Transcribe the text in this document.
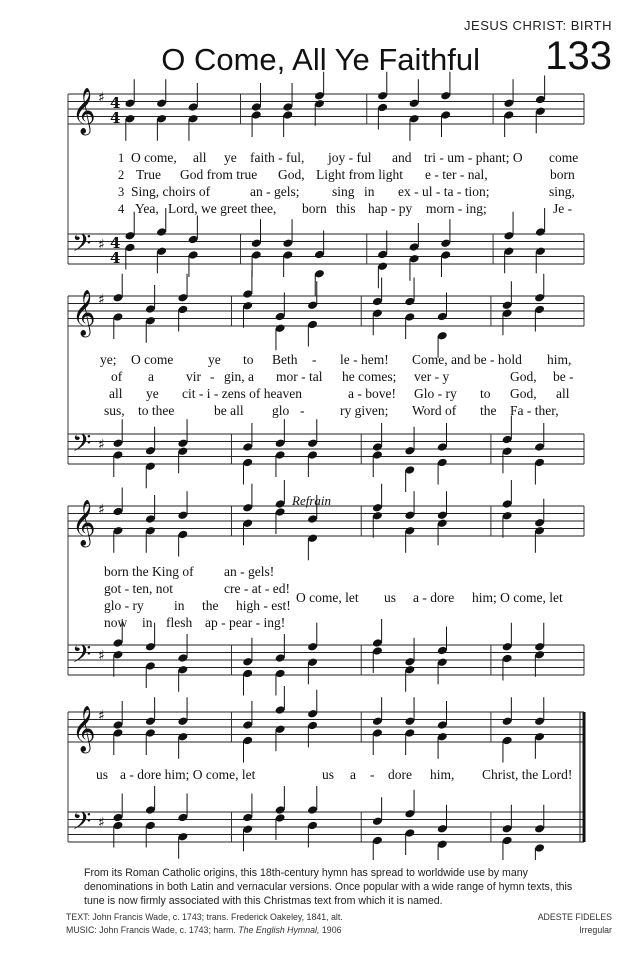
JESUS CHRIST: BIRTH
O Come, All Ye Faithful 133
𝄞 ♯ 4
4
𝄢 ♯ 4
4
𝄞 ♯
𝄢 ♯
𝄞 ♯
𝄢 ♯
𝄞 ♯
𝄢 ♯
Refrain
1
2
3
4
O come, all ye faith - ful, joy - ful and tri - um - phant; O come
True God from true God, Light from light e - ter - nal,	born
Sing, choirs of	an - gels; sing in ex - ul - ta - tion;	sing,
Yea, Lord, we greet thee, born this hap - py morn - ing;	Je -
ye; O come	ye to Beth - le - hem! Come, and be - hold him,
of a vir - gin, a mor - tal he comes; ver - y	God, be -
all ye cit - i - zens of heaven	a - bove! Glo - ry to God, all
sus, to thee	be all glo -	ry given; Word of the Fa - ther,
born the King of an - gels!
got - ten, not	cre - at - ed!
glo - ry in the high - est!
now in flesh ap - pear - ing!
O come, let us a - dore him; O come, let
us a - dore him; O come, let	us a - dore him, Christ, the Lord!
From its Roman Catholic origins, this 18th-century hymn has spread to worldwide use by many denominations in both Latin and vernacular versions. Once popular with a wide range of hymn texts, this tune is now firmly associated with this Christmas text from which it is named.
TEXT: John Francis Wade, c. 1743; trans. Frederick Oakeley, 1841, alt.
MUSIC: John Francis Wade, c. 1743; harm. The English Hymnal, 1906
ADESTE FIDELES
Irregular
